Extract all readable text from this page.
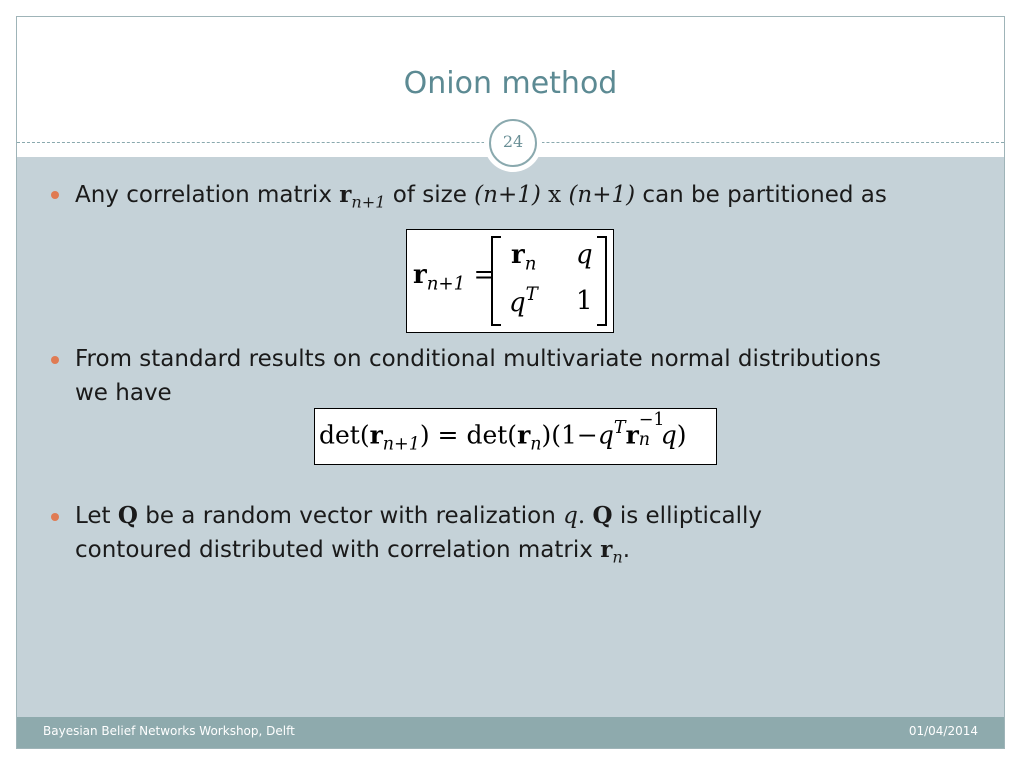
Onion method
24
Any correlation matrix $r_{n+1}$ of size (n+1) x (n+1) can be partitioned as
$r_{n+1}$ =
$r_n$ q
$q^T$ 1
From standard results on conditional multivariate normal distributions
we have
$\det(r_{n+1}) = \det(r_n)(1-q^Tr$
−1
n q)
Let Q be a random vector with realization q. Q is elliptically
contoured distributed with correlation matrix $r_n$.
Bayesian Belief Networks Workshop, Delft	01/04/2014
